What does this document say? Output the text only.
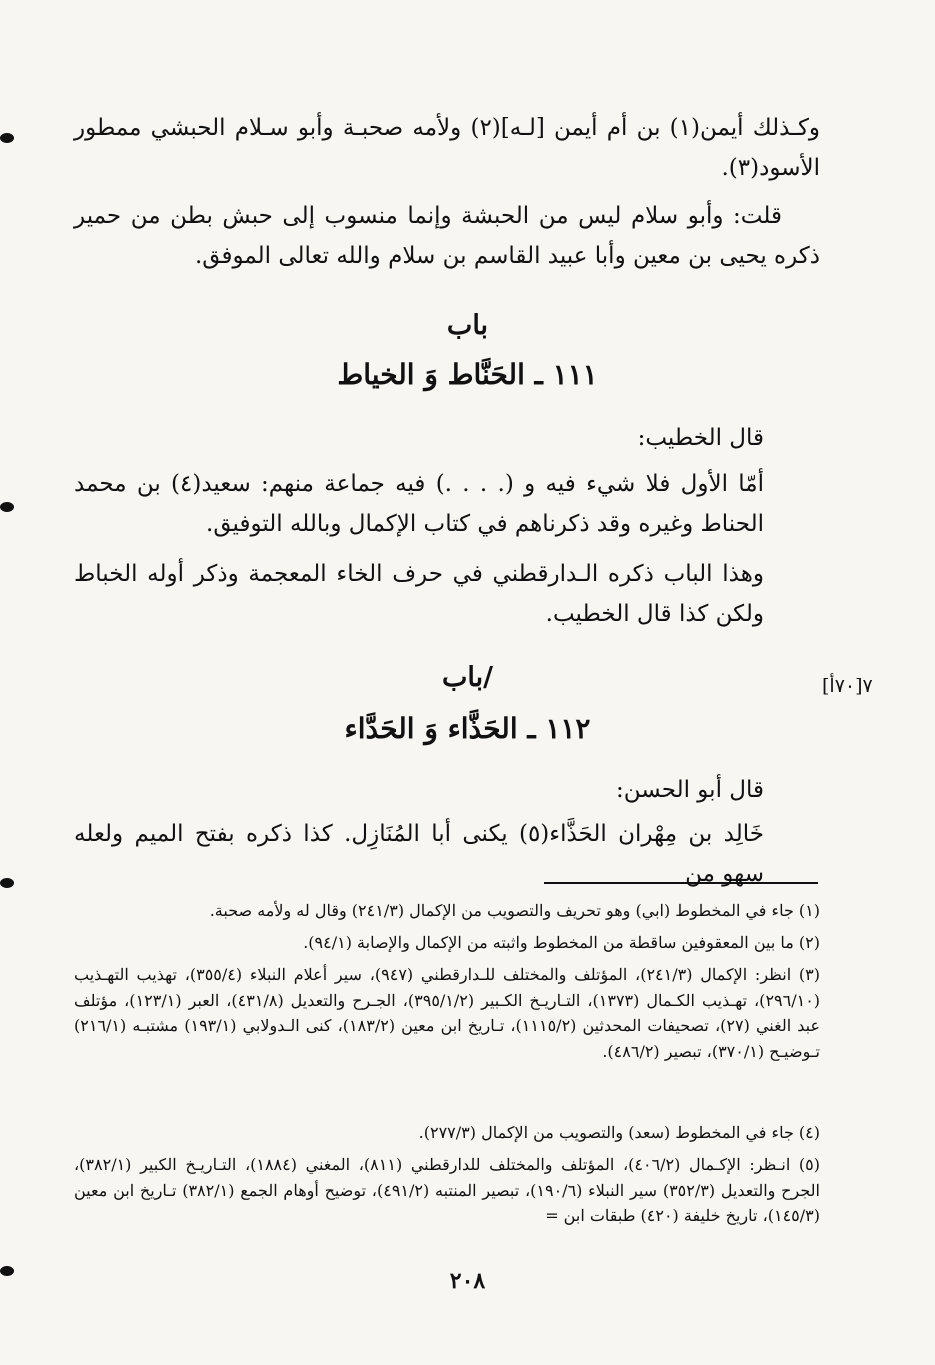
وكـذلك أيمن(١) بن أم أيمن [لـه](٢) ولأمه صحبـة وأبو سـلام الحبشي ممطور الأسود(٣).
قلت: وأبو سلام ليس من الحبشة وإنما منسوب إلى حبش بطن من حمير ذكره يحيى بن معين وأبا عبيد القاسم بن سلام والله تعالى الموفق.
باب
١١١ ـ الحَنَّاط وَ الخياط
قال الخطيب:
أمّا الأول فلا شيء فيه و (. . . .) فيه جماعة منهم: سعيد(٤) بن محمد الحناط وغيره وقد ذكرناهم في كتاب الإكمال وبالله التوفيق.
وهذا الباب ذكره الـدارقطني في حرف الخاء المعجمة وذكر أوله الخباط ولكن كذا قال الخطيب.
/باب	٧[٧٠أ]
١١٢ ـ الحَذَّاء وَ الحَدَّاء
قال أبو الحسن:
خَالِد بن مِهْران الحَذَّاء(٥) يكنى أبا المُنَازِل. كذا ذكره بفتح الميم ولعله سهو من
(١) جاء في المخطوط (ابي) وهو تحريف والتصويب من الإكمال (٢٤١/٣) وقال له ولأمه صحبة.
(٢) ما بين المعقوفين ساقطة من المخطوط واثبته من الإكمال والإصابة (٩٤/١).
(٣) انظر: الإكمال (٢٤١/٣)، المؤتلف والمختلف للـدارقطني (٩٤٧)، سير أعلام النبلاء (٣٥٥/٤)، تهذيب التهـذيب (٢٩٦/١٠)، تهـذيب الكـمال (١٣٧٣)، التـاريـخ الكـبير (٣٩٥/١/٢)، الجـرح والتعديل (٤٣١/٨)، العبر (١٢٣/١)، مؤتلف عبد الغني (٢٧)، تصحيفات المحدثين (١١١٥/٢)، تـاريخ ابن معين (١٨٣/٢)، كنى الـدولابي (١٩٣/١) مشتبـه (٢١٦/١) تـوضيـح (٣٧٠/١)، تبصير (٤٨٦/٢).
(٤) جاء في المخطوط (سعد) والتصويب من الإكمال (٢٧٧/٣).
(٥) انـظر: الإكـمال (٤٠٦/٢)، المؤتلف والمختلف للدارقطني (٨١١)، المغني (١٨٨٤)، التـاريـخ الكبير (٣٨٢/١)، الجرح والتعديل (٣٥٢/٣) سير النبلاء (١٩٠/٦)، تبصير المنتبه (٤٩١/٢)، توضيح أوهام الجمع (٣٨٢/١) تـاريخ ابن معين (١٤٥/٣)، تاريخ خليفة (٤٢٠) طبقات ابن =
٢٠٨
